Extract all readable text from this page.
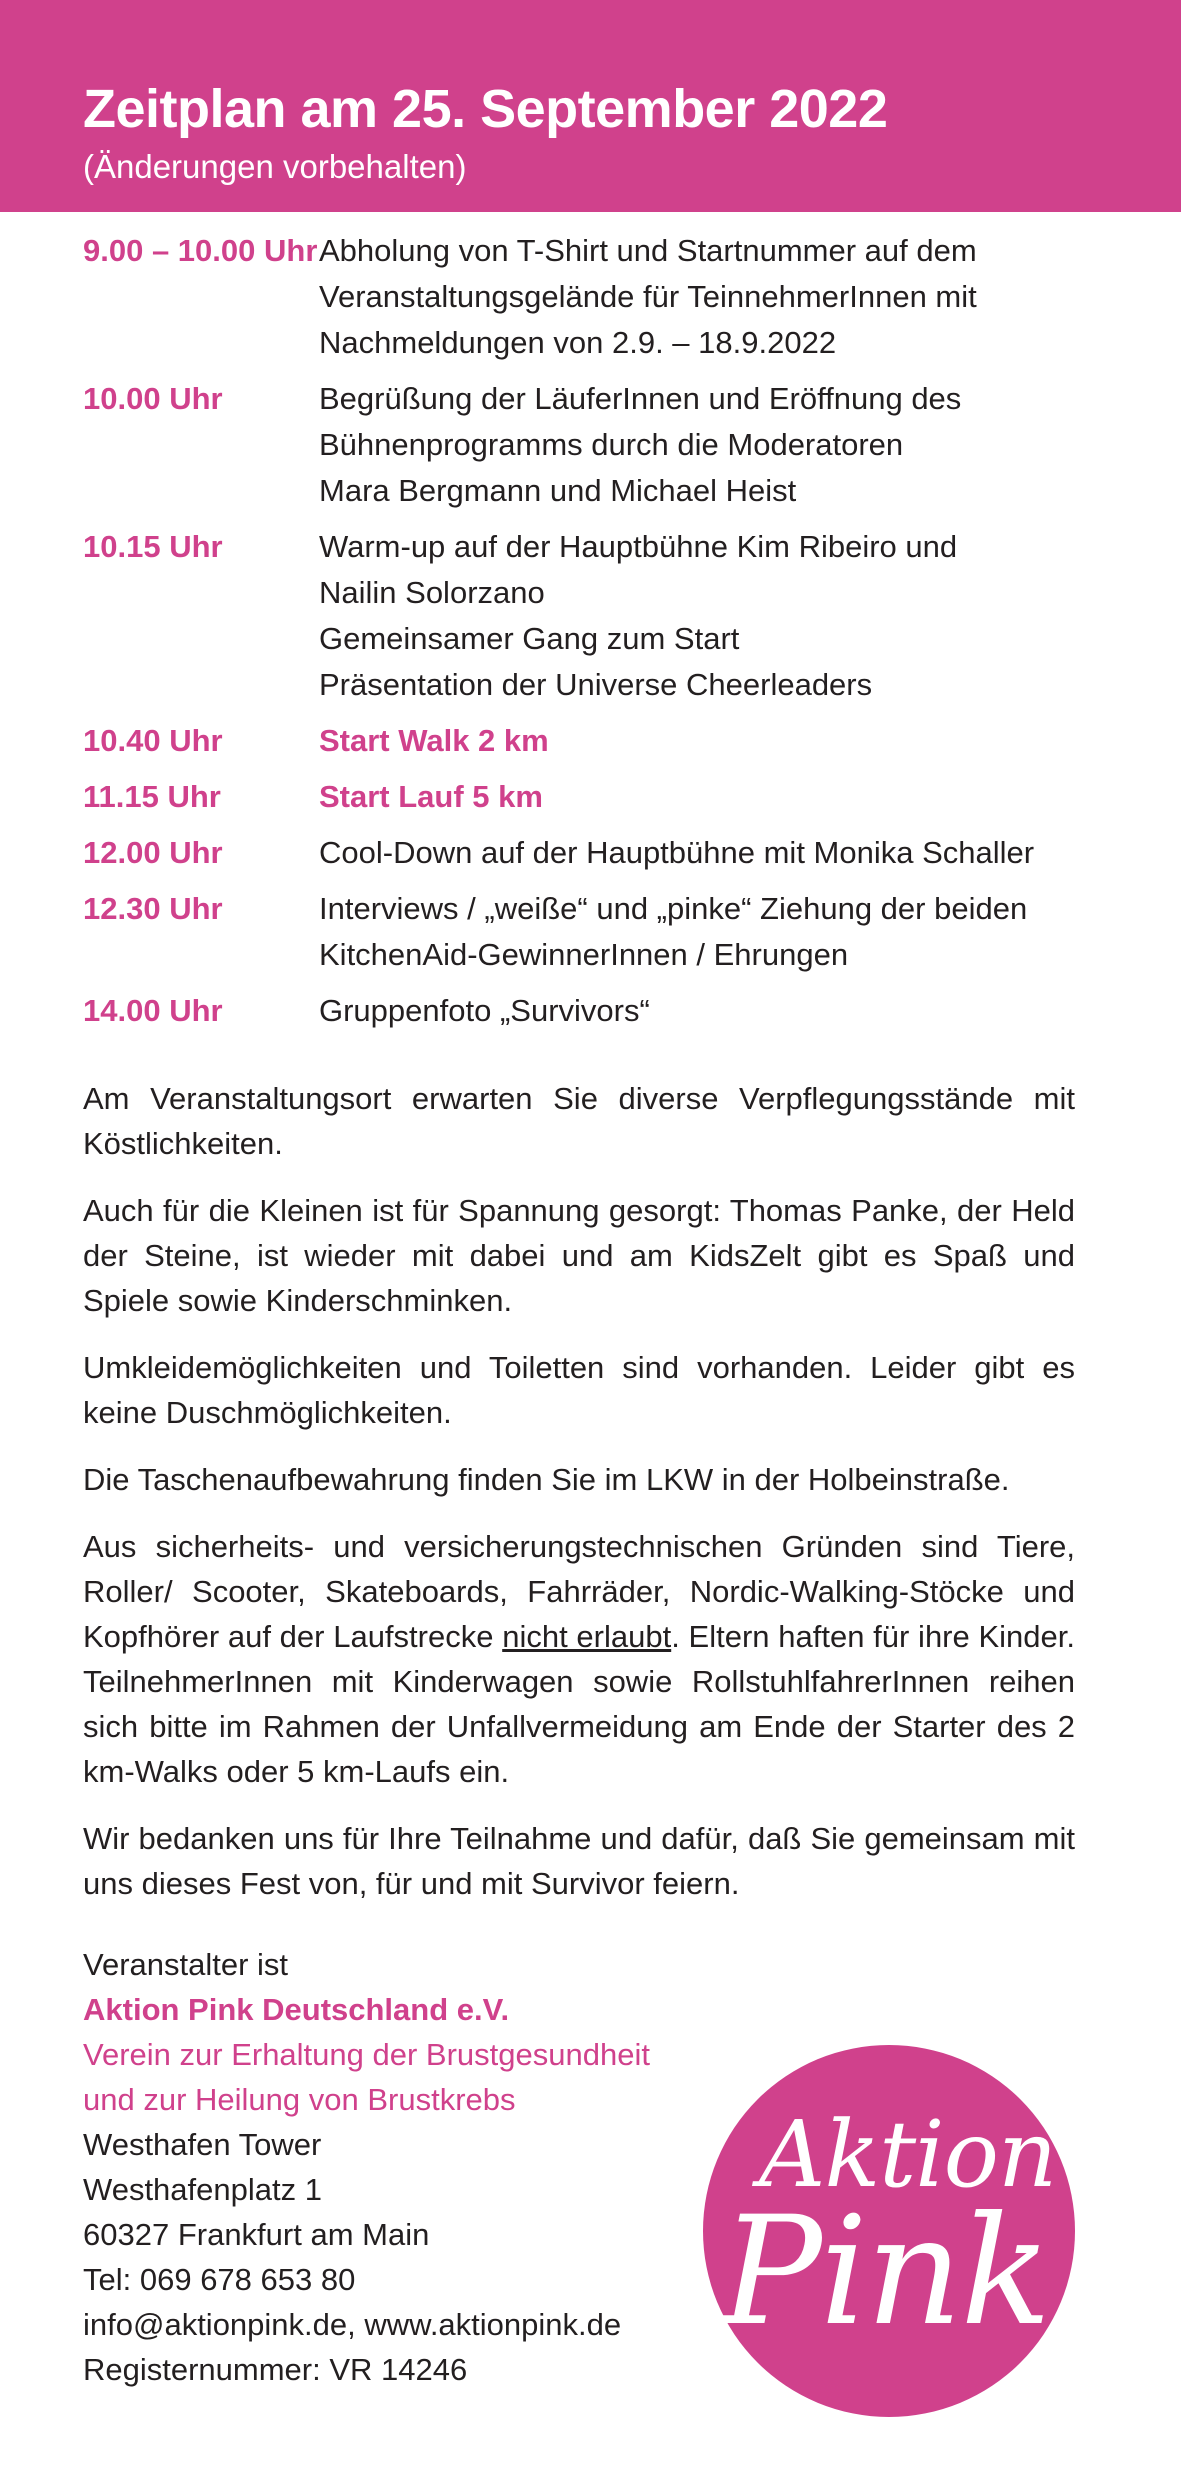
Zeitplan am 25. September 2022
(Änderungen vorbehalten)
9.00 – 10.00 Uhr Abholung von T-Shirt und Startnummer auf dem
Veranstaltungsgelände für TeinnehmerInnen mit
Nachmeldungen von 2.9. – 18.9.2022
10.00 Uhr	Begrüßung der LäuferInnen und Eröffnung des
Bühnenprogramms durch die Moderatoren
Mara Bergmann und Michael Heist
10.15 Uhr	Warm-up auf der Hauptbühne Kim Ribeiro und
Nailin Solorzano
Gemeinsamer Gang zum Start
Präsentation der Universe Cheerleaders
10.40 Uhr	Start Walk 2 km
11.15 Uhr	Start Lauf 5 km
12.00 Uhr	Cool-Down auf der Hauptbühne mit Monika Schaller
12.30 Uhr	Interviews / „weiße“ und „pinke“ Ziehung der beiden
KitchenAid-GewinnerInnen / Ehrungen
14.00 Uhr	Gruppenfoto „Survivors“

Am Veranstaltungsort erwarten Sie diverse Verpflegungsstände mit Köstlichkeiten.

Auch für die Kleinen ist für Spannung gesorgt: Thomas Panke, der Held der Steine, ist wieder mit dabei und am KidsZelt gibt es Spaß und Spiele sowie Kinderschminken.

Umkleidemöglichkeiten und Toiletten sind vorhanden. Leider gibt es keine Duschmöglichkeiten.

Die Taschenaufbewahrung finden Sie im LKW in der Holbeinstraße.

Aus sicherheits- und versicherungstechnischen Gründen sind Tiere, Roller/ Scooter, Skateboards, Fahrräder, Nordic-Walking-Stöcke und Kopfhörer auf der Laufstrecke nicht erlaubt. Eltern haften für ihre Kinder. TeilnehmerInnen mit Kinderwagen sowie RollstuhlfahrerInnen reihen sich bitte im Rahmen der Unfallvermeidung am Ende der Starter des 2 km-Walks oder 5 km-Laufs ein.

Wir bedanken uns für Ihre Teilnahme und dafür, daß Sie gemeinsam mit uns dieses Fest von, für und mit Survivor feiern.

Veranstalter ist
Aktion Pink Deutschland e.V.
Verein zur Erhaltung der Brustgesundheit
und zur Heilung von Brustkrebs
Westhafen Tower
Westhafenplatz 1
60327 Frankfurt am Main
Tel: 069 678 653 80
info@aktionpink.de, www.aktionpink.de
Registernummer: VR 14246
Aktion
Pink
